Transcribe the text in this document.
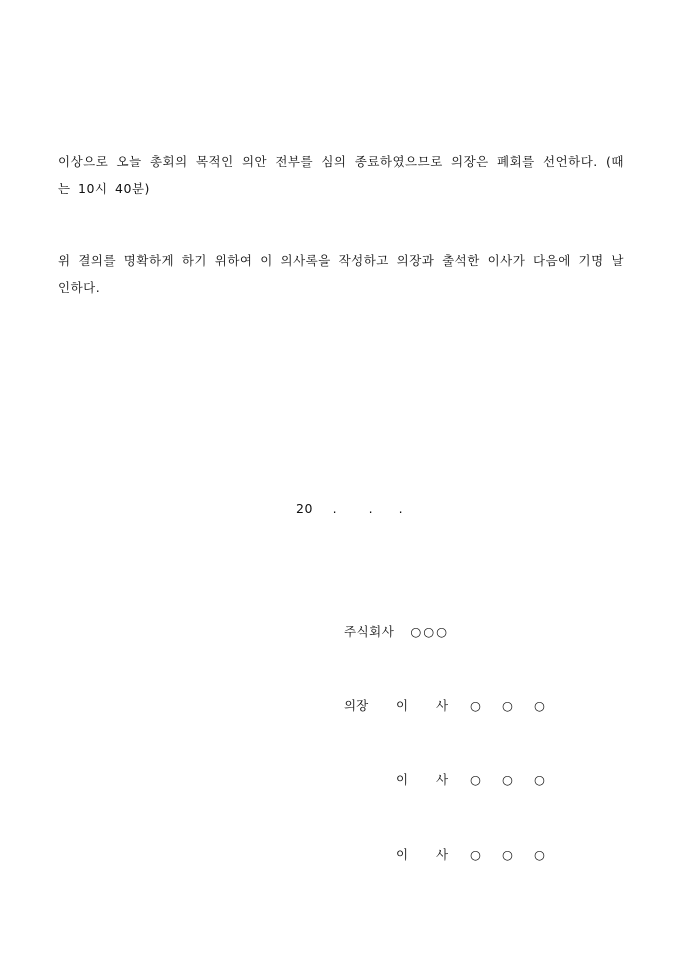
이상으로 오늘 총회의 목적인 의안 전부를 심의 종료하였으므로 의장은 폐회를 선언하다. (때는 10시 40분)

위 결의를 명확하게 하기 위하여 이 의사록을 작성하고 의장과 출석한 이사가 다음에 기명 날인하다.

20 .	. .
주식회사 ○○○
의장 이 사 ○ ○ ○
이 사 ○ ○ ○
이 사 ○ ○ ○
